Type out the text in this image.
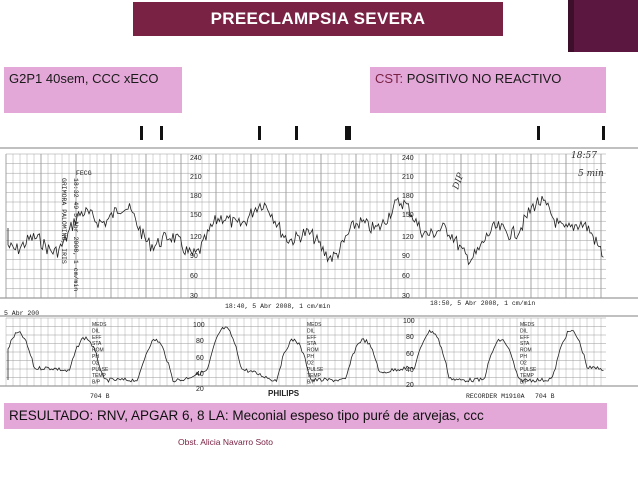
PREECLAMPSIA SEVERA
G2P1 40sem, CCC xECO	CST: POSITIVO NO REACTIVO
240
210
180
150
120
90
60
30
240
210
180
150
120
90
60
30
100
80
60
40
20
100
80
60
40
20
18:40, 5 Abr 2008, 1 cm/min	18:50, 5 Abr 2008, 1 cm/min
5 Abr 200
FECG
PHILIPS	RECORDER M1910A 704 B
704 B
GRIMORA PALOMINO, IRIS 18:32 49 5 Abr 2008, 1 cm/min
18:57
5 min
DIP
MEDS
DIL
EFF
STA
ROM
PH
O2
PULSE
TEMP
B/P
MEDS
DIL
EFF
STA
ROM
PH
O2
PULSE
TEMP
B/P
MEDS
DIL
EFF
STA
ROM
PH
O2
PULSE
TEMP
B/P
RESULTADO: RNV, APGAR 6, 8 LA: Meconial espeso tipo puré de arvejas, ccc
Obst. Alicia Navarro Soto
